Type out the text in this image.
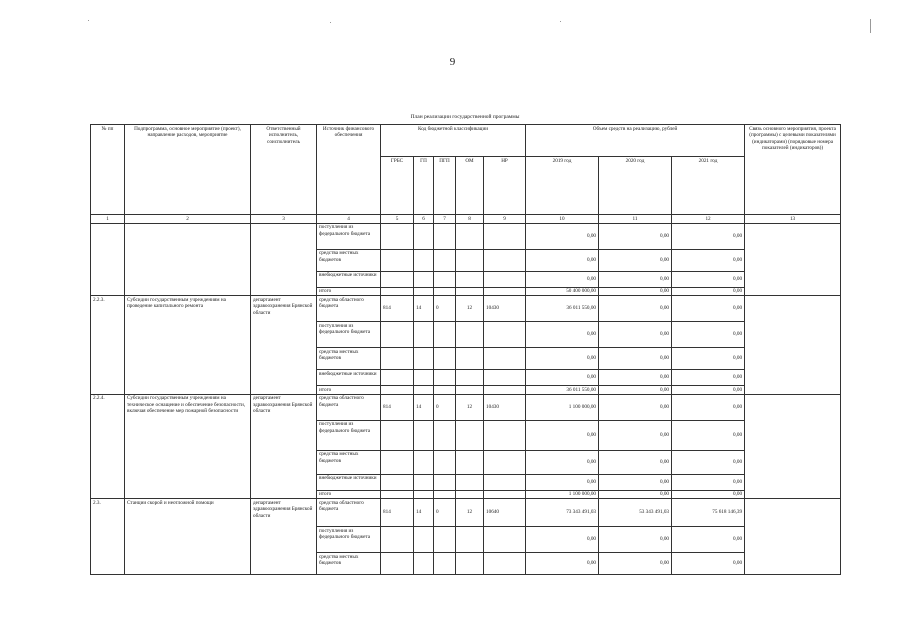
9
План реализации государственной программы
№ пп	Подпрограмма, основное мероприятие (проект), направление расходов, мероприятие	Ответственный исполнитель, соисполнитель	Источник финансового обеспечения	Код бюджетной классификации					Объем средств на реализацию, рублей			Связь основного мероприятия, проекта (программы) с целевыми показателями (индикаторами) (порядковые номера показателей (индикаторов))
				ГРБС	ГП	ПГП	ОМ	НР	2019 год	2020 год	2021 год	
1	2	3	4	5	6	7	8	9	10	11	12	13
			поступления из федерального бюджета						0,00	0,00	0,00	
			средства местных бюджетов						0,00	0,00	0,00	
			внебюджетные источники						0,00	0,00	0,00	
			итого						50 400 000,00	0,00	0,00	
2.2.3.	Субсидии государственным учреждениям на проведение капитального ремонта	департамент здравоохранения Брянской области	средства областного бюджета	814	14	0	12	10430	36 011 550,00	0,00	0,00	
			поступления из федерального бюджета						0,00	0,00	0,00	
			средства местных бюджетов						0,00	0,00	0,00	
			внебюджетные источники						0,00	0,00	0,00	
			итого						36 011 550,00	0,00	0,00	
2.2.4.	Субсидии государственным учреждениям на техническое оснащение и обеспечение безопасности, включая обеспечение мер пожарной безопасности	департамент здравоохранения Брянской области	средства областного бюджета	814	14	0	12	10430	1 100 000,00	0,00	0,00	
			поступления из федерального бюджета						0,00	0,00	0,00	
			средства местных бюджетов						0,00	0,00	0,00	
			внебюджетные источники						0,00	0,00	0,00	
			итого						1 100 000,00	0,00	0,00	
2.3.	Станции скорой и неотложной помощи	департамент здравоохранения Брянской области	средства областного бюджета	814	14	0	12	10640	73 343 491,03	53 343 491,03	75 618 146,39	
			поступления из федерального бюджета						0,00	0,00	0,00	
			средства местных бюджетов						0,00	0,00	0,00	
